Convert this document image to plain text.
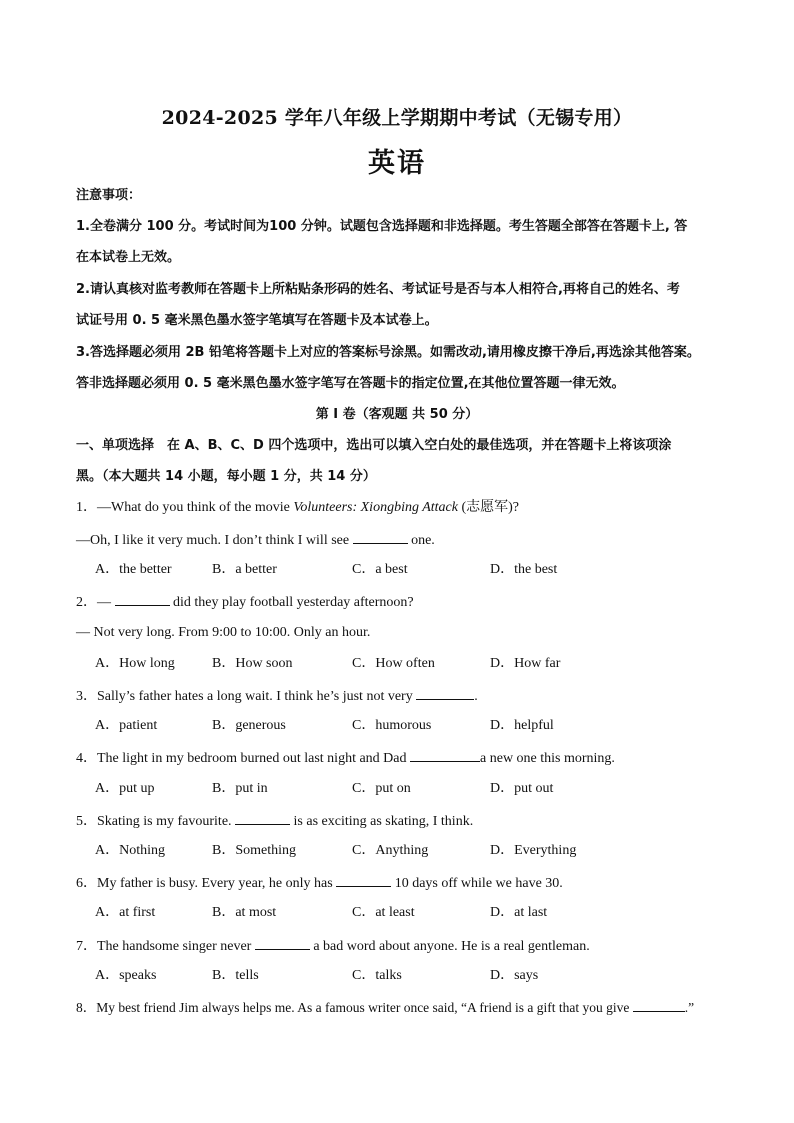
2024-2025 学年八年级上学期期中考试（无锡专用）
英语
注意事项：
1.全卷满分 100 分。考试时间为100 分钟。试题包含选择题和非选择题。考生答题全部答在答题卡上, 答
在本试卷上无效。
2.请认真核对监考教师在答题卡上所粘贴条形码的姓名、考试证号是否与本人相符合,再将自己的姓名、考
试证号用 0. 5 毫米黑色墨水签字笔填写在答题卡及本试卷上。
3.答选择题必须用 2B 铅笔将答题卡上对应的答案标号涂黑。如需改动,请用橡皮擦干净后,再选涂其他答案。
答非选择题必须用 0. 5 毫米黑色墨水签字笔写在答题卡的指定位置,在其他位置答题一律无效。
第 I 卷（客观题 共 50 分）
一、单项选择　在 A、B、C、D 四个选项中，选出可以填入空白处的最佳选项，并在答题卡上将该项涂
黑。（本大题共 14 小题，每小题 1 分，共 14 分）
1．—What do you think of the movie Volunteers: Xiongbing Attack (志愿军)?
—Oh, I like it very much. I don’t think I will see	one.
A．the better	B．a better	C．a best	D．the best
2．—	did they play football yesterday afternoon?
— Not very long. From 9:00 to 10:00. Only an hour.
A．How long	B．How soon	C．How often	D．How far
3．Sally’s father hates a long wait. I think he’s just not very	.
A．patient	B．generous	C．humorous	D．helpful
4．The light in my bedroom burned out last night and Dad	a new one this morning.
A．put up	B．put in	C．put on	D．put out
5．Skating is my favourite.	is as exciting as skating, I think.
A．Nothing	B．Something	C．Anything	D．Everything
6．My father is busy. Every year, he only has	10 days off while we have 30.
A．at first	B．at most	C．at least	D．at last
7．The handsome singer never	a bad word about anyone. He is a real gentleman.
A．speaks	B．tells	C．talks	D．says
8．My best friend Jim always helps me. As a famous writer once said, “A friend is a gift that you give	.”
